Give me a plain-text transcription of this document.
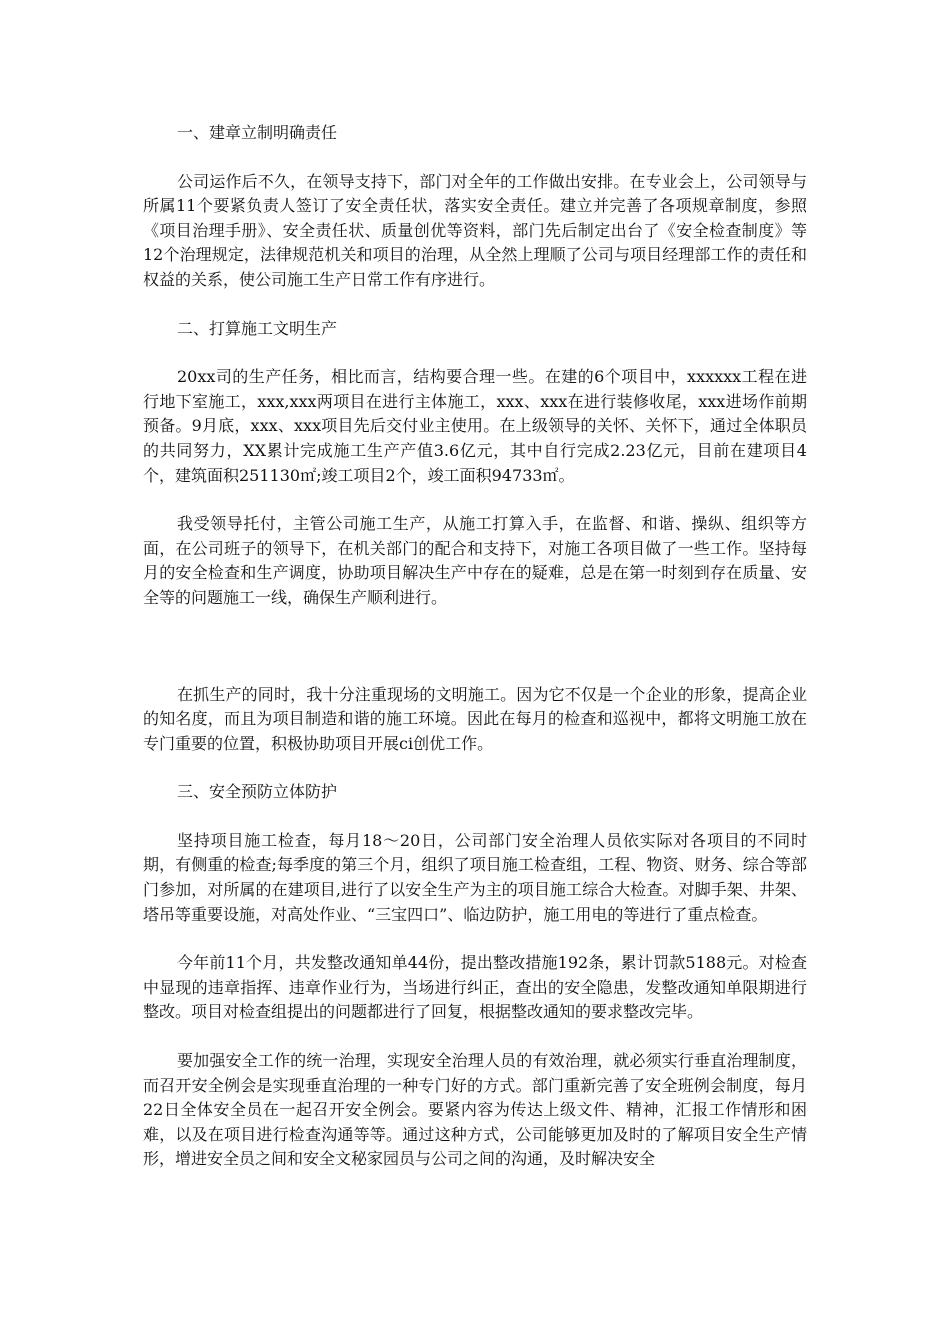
一、建章立制明确责任

公司运作后不久，在领导支持下，部门对全年的工作做出安排。在专业会上，公司领导与所属11个要紧负责人签订了安全责任状，落实安全责任。建立并完善了各项规章制度，参照《项目治理手册》、安全责任状、质量创优等资料，部门先后制定出台了《安全检查制度》等12个治理规定，法律规范机关和项目的治理，从全然上理顺了公司与项目经理部工作的责任和权益的关系，使公司施工生产日常工作有序进行。

二、打算施工文明生产

20xx司的生产任务，相比而言，结构要合理一些。在建的6个项目中，xxxxxx工程在进行地下室施工，xxx,xxx两项目在进行主体施工，xxx、xxx在进行装修收尾，xxx进场作前期预备。9月底，xxx、xxx项目先后交付业主使用。在上级领导的关怀、关怀下，通过全体职员的共同努力，XX累计完成施工生产产值3.6亿元，其中自行完成2.23亿元，目前在建项目4个，建筑面积251130㎡;竣工项目2个，竣工面积94733㎡。

我受领导托付，主管公司施工生产，从施工打算入手，在监督、和谐、操纵、组织等方面，在公司班子的领导下，在机关部门的配合和支持下，对施工各项目做了一些工作。坚持每月的安全检查和生产调度，协助项目解决生产中存在的疑难，总是在第一时刻到存在质量、安全等的问题施工一线，确保生产顺利进行。

在抓生产的同时，我十分注重现场的文明施工。因为它不仅是一个企业的形象，提高企业的知名度，而且为项目制造和谐的施工环境。因此在每月的检查和巡视中，都将文明施工放在专门重要的位置，积极协助项目开展ci创优工作。

三、安全预防立体防护

坚持项目施工检查，每月18～20日，公司部门安全治理人员依实际对各项目的不同时期，有侧重的检查;每季度的第三个月，组织了项目施工检查组，工程、物资、财务、综合等部门参加，对所属的在建项目,进行了以安全生产为主的项目施工综合大检查。对脚手架、井架、塔吊等重要设施，对高处作业、“三宝四口”、临边防护，施工用电的等进行了重点检查。

今年前11个月，共发整改通知单44份，提出整改措施192条，累计罚款5188元。对检查中显现的违章指挥、违章作业行为，当场进行纠正，查出的安全隐患，发整改通知单限期进行整改。项目对检查组提出的问题都进行了回复，根据整改通知的要求整改完毕。

要加强安全工作的统一治理，实现安全治理人员的有效治理，就必须实行垂直治理制度，而召开安全例会是实现垂直治理的一种专门好的方式。部门重新完善了安全班例会制度，每月22日全体安全员在一起召开安全例会。要紧内容为传达上级文件、精神，汇报工作情形和困难，以及在项目进行检查沟通等等。通过这种方式，公司能够更加及时的了解项目安全生产情形，增进安全员之间和安全文秘家园员与公司之间的沟通，及时解决安全
